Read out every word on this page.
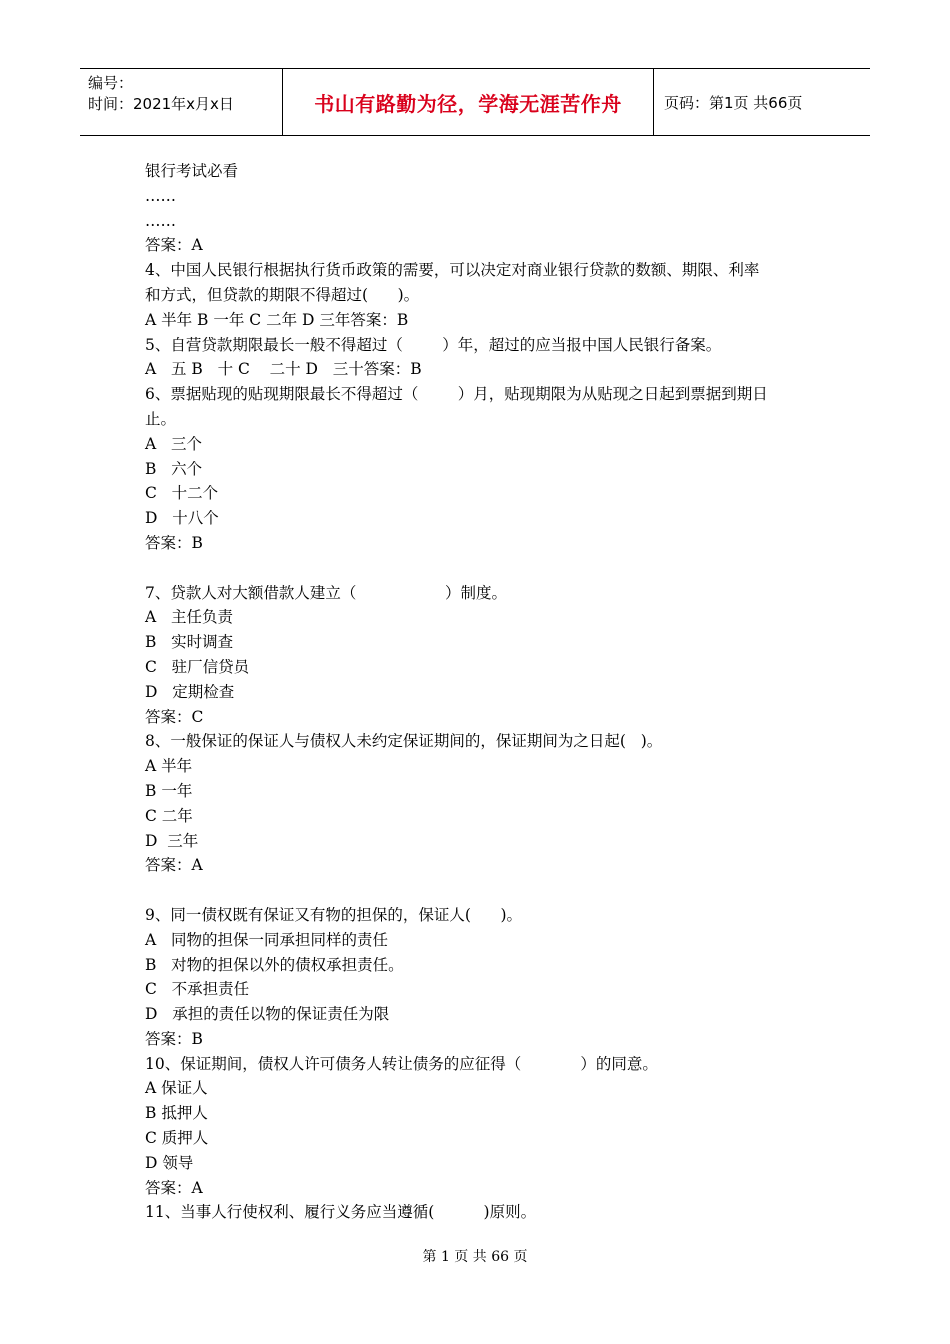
编号：
时间：2021年x月x日	书山有路勤为径，学海无涯苦作舟	页码：第1页 共66页
银行考试必看
……
……
答案：A
4、中国人民银行根据执行货币政策的需要，可以决定对商业银行贷款的数额、期限、利率
和方式，但贷款的期限不得超过(      )。
A 半年 B 一年 C 二年 D 三年答案：B
5、自营贷款期限最长一般不得超过（        ）年，超过的应当报中国人民银行备案。
A   五 B   十 C    二十 D   三十答案：B
6、票据贴现的贴现期限最长不得超过（        ）月，贴现期限为从贴现之日起到票据到期日
止。
A   三个
B   六个
C   十二个
D   十八个
答案：B
7、贷款人对大额借款人建立（                  ）制度。
A   主任负责
B   实时调查
C   驻厂信贷员
D   定期检查
答案：C
8、一般保证的保证人与债权人未约定保证期间的，保证期间为之日起(   )。
A 半年
B 一年
C 二年
D  三年
答案：A
9、同一债权既有保证又有物的担保的，保证人(      )。
A   同物的担保一同承担同样的责任
B   对物的担保以外的债权承担责任。
C   不承担责任
D   承担的责任以物的保证责任为限
答案：B
10、保证期间，债权人许可债务人转让债务的应征得（            ）的同意。
A 保证人
B 抵押人
C 质押人
D 领导
答案：A
11、当事人行使权利、履行义务应当遵循(          )原则。
第 1 页 共 66 页
